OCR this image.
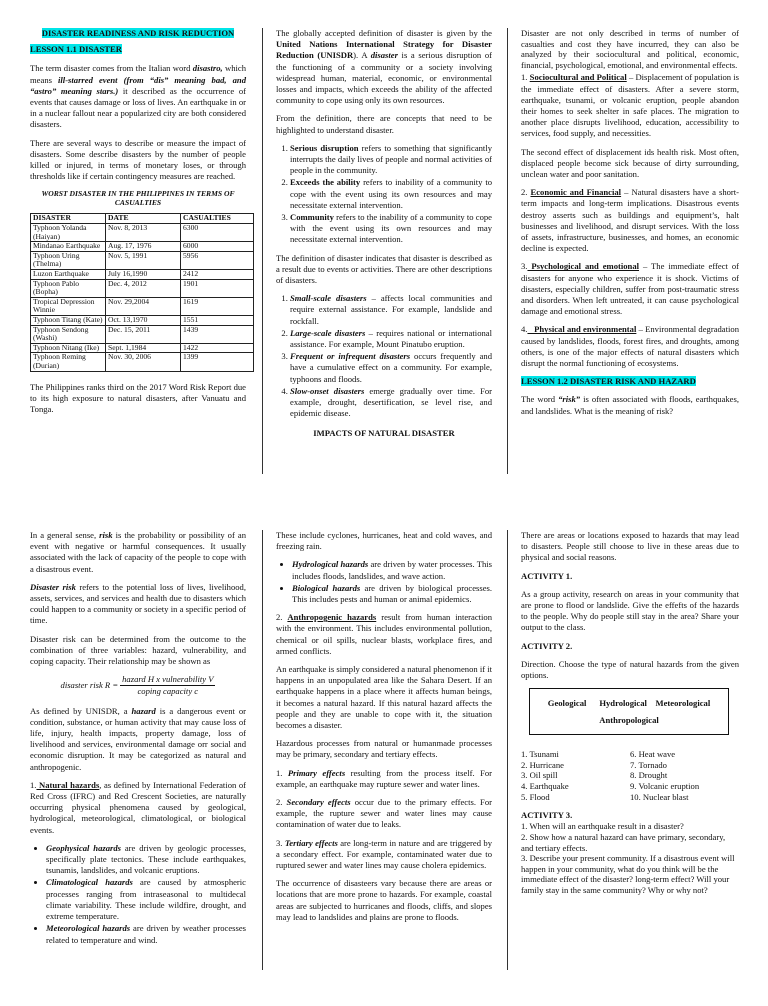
DISASTER READINESS AND RISK REDUCTION

LESSON 1.1 DISASTER

The term disaster comes from the Italian word disastro, which means ill-starred event (from “dis” meaning bad, and “astro” meaning stars.) it described as the occurrence of events that causes damage or loss of lives. An earthquake in or in a nuclear fallout near a popularized city are both considered disasters.

There are several ways to describe or measure the impact of disasters. Some describe disasters by the number of people killed or injured, in terms of monetary loses, or through thresholds like if certain contingency measures are reached.

WORST DISASTER IN THE PHILIPPINES IN TERMS OF CASUALTIES
DISASTER	DATE	CASUALTIES
Typhoon Yolanda (Haiyan)	Nov. 8, 2013	6300
Mindanao Earthquake	Aug. 17, 1976	6000
Typhoon Uring (Thelma)	Nov. 5, 1991	5956
Luzon Earthquake	July 16,1990	2412
Typhoon Pablo (Bopha)	Dec. 4, 2012	1901
Tropical Depression Winnie	Nov. 29,2004	1619
Typhoon Titang (Kate)	Oct. 13,1970	1551
Typhoon Sendong (Washi)	Dec. 15, 2011	1439
Typhoon Nitang (Ike)	Sept. 1,1984	1422
Typhoon Reming (Durian)	Nov. 30, 2006	1399

The Philippines ranks third on the 2017 Word Risk Report due to its high exposure to natural disasters, after Vanuatu and Tonga.

The globally accepted definition of disaster is given by the United Nations International Strategy for Disaster Reduction (UNISDR). A disaster is a serious disruption of the functioning of a community or a society involving widespread human, material, economic, or environmental losses and impacts, which exceeds the ability of the affected community to cope using only its own resources.

From the definition, there are concepts that need to be highlighted to understand disaster.

1. Serious disruption refers to something that significantly interrupts the daily lives of people and normal activities of people in the community.
2. Exceeds the ability refers to inability of a community to cope with the event using its own resources and may necessitate external intervention.
3. Community refers to the inability of a community to cope with the event using its own resources and may necessitate external intervention.

The definition of disaster indicates that disaster is described as a result due to events or activities. There are other descriptions of disasters.

1. Small-scale disasters – affects local communities and require external assistance. For example, landslide and rockfall.
2. Large-scale disasters – requires national or international assistance. For example, Mount Pinatubo eruption.
3. Frequent or infrequent disasters occurs frequently and have a cumulative effect on a community. For example, typhoons and floods.
4. Slow-onset disasters emerge gradually over time. For example, drought, desertification, se level rise, and epidemic disease.

IMPACTS OF NATURAL DISASTER

Disaster are not only described in terms of number of casualties and cost they have incurred, they can also be analyzed by their sociocultural and political, economic, financial, psychological, emotional, and environmental effects.

1. Sociocultural and Political – Displacement of population is the immediate effect of disasters. After a severe storm, earthquake, tsunami, or volcanic eruption, people abandon their homes to seek shelter in safe places. The migration to another place disrupts livelihood, education, accessibility to services, food supply, and necessities.

The second effect of displacement ids health risk. Most often, displaced people become sick because of dirty surrounding, unclean water and poor sanitation.

2. Economic and Financial – Natural disasters have a short-term impacts and long-term implications. Disastrous events destroy asserts such as buildings and equipment’s, halt businesses and livelihood, and disrupt services. With the loss of assets, infrastructure, businesses, and homes, an economic decline is expected.

3. Psychological and emotional – The immediate effect of disasters for anyone who experience it is shock. Victims of disasters, especially children, suffer from post-traumatic stress and disorders. When left untreated, it can cause psychological damage and emotional stress.

4.   Physical and environmental – Environmental degradation caused by landslides, floods, forest fires, and droughts, among others, is one of the major effects of natural disasters which disrupt the normal functioning of ecosystems.

LESSON 1.2 DISASTER RISK AND HAZARD

The word “risk” is often associated with floods, earthquakes, and landslides. What is the meaning of risk?

In a general sense, risk is the probability or possibility of an event with negative or harmful consequences. It usually associated with the lack of capacity of the people to cope with a disastrous event.

Disaster risk refers to the potential loss of lives, livelihood, assets, services, and services and health due to disasters which could happen to a community or society in a specific period of time.

Disaster risk can be determined from the outcome to the combination of three variables: hazard, vulnerability, and coping capacity. Their relationship may be shown as

disaster risk $R = \frac{\text{hazard H x vulnerability V}}{\text{coping capacity c}}$

As defined by UNISDR, a hazard is a dangerous event or condition, substance, or human activity that may cause loss of life, injury, health impacts, property damage, loss of livelihood and services, environmental damage orr social and economic disruption. It may be categorized as natural and anthropogenic.

1. Natural hazards, as defined by International Federation of Red Cross (IFRC) and Red Crescent Societies, are naturally occurring physical phenomena caused by geological, hydrological, meteorological, climatological, or biological events.

• Geophysical hazards are driven by geologic processes, specifically plate tectonics. These include earthquakes, tsunamis, landslides, and volcanic eruptions.
• Climatological hazards are caused by atmospheric processes ranging from intraseasonal to multidecal climate variability. These include wildfire, drought, and extreme temperature.
• Meteorological hazards are driven by weather processes related to temperature and wind.

These include cyclones, hurricanes, heat and cold waves, and freezing rain.

• Hydrological hazards are driven by water processes. This includes floods, landslides, and wave action.
• Biological hazards are driven by biological processes. This includes pests and human or animal epidemics.

2. Anthropogenic hazards result from human interaction with the environment. This includes environmental pollution, chemical or oil spills, nuclear blasts, workplace fires, and armed conflicts.

An earthquake is simply considered a natural phenomenon if it happens in an unpopulated area like the Sahara Desert. If an earthquake happens in a place where it affects human beings, it becomes a natural hazard. If this natural hazard affects the people and they are unable to cope with it, the situation becomes a disaster.

Hazardous processes from natural or humanmade processes may be primary, secondary and tertiary effects.

1. Primary effects resulting from the process itself. For example, an earthquake may rupture sewer and water lines.

2. Secondary effects occur due to the primary effects. For example, the rupture sewer and water lines may cause contamination of water due to leaks.

3. Tertiary effects are long-term in nature and are triggered by a secondary effect. For example, contaminated water due to ruptured sewer and water lines may cause cholera epidemics.

The occurrence of disasteers vary because there are areas or locations that are more prone to hazards. For example, coastal areas are subjected to hurricanes and floods, cliffs, and slopes may lead to landslides and plains are prone to floods.

There are areas or locations exposed to hazards that may lead to disasters. People still choose to live in these areas due to physical and social reasons.

ACTIVITY 1.

As a group activity, research on areas in your community that are prone to flood or landslide. Give the effefts of the hazards to the people. Why do people still stay in the area? Share your output to the class.

ACTIVITY 2.

Direction. Choose the type of natural hazards from the given options.

Geological      Hydrological    Meteorological
Anthropological
1. Tsunami
2. Hurricane
3. Oil spill
4. Earthquake
5. Flood
6. Heat wave
7. Tornado
8. Drought
9. Volcanic eruption
10. Nuclear blast

ACTIVITY 3.

1. When will an earthquake result in a disaster?
2. Show how a natural hazard can have primary, secondary, and tertiary effects.
3. Describe your present community. If a disastrous event will happen in your community, what do you think will be the immediate effect of the disaster? long-term effect? Will your family stay in the same community? Why or why not?
